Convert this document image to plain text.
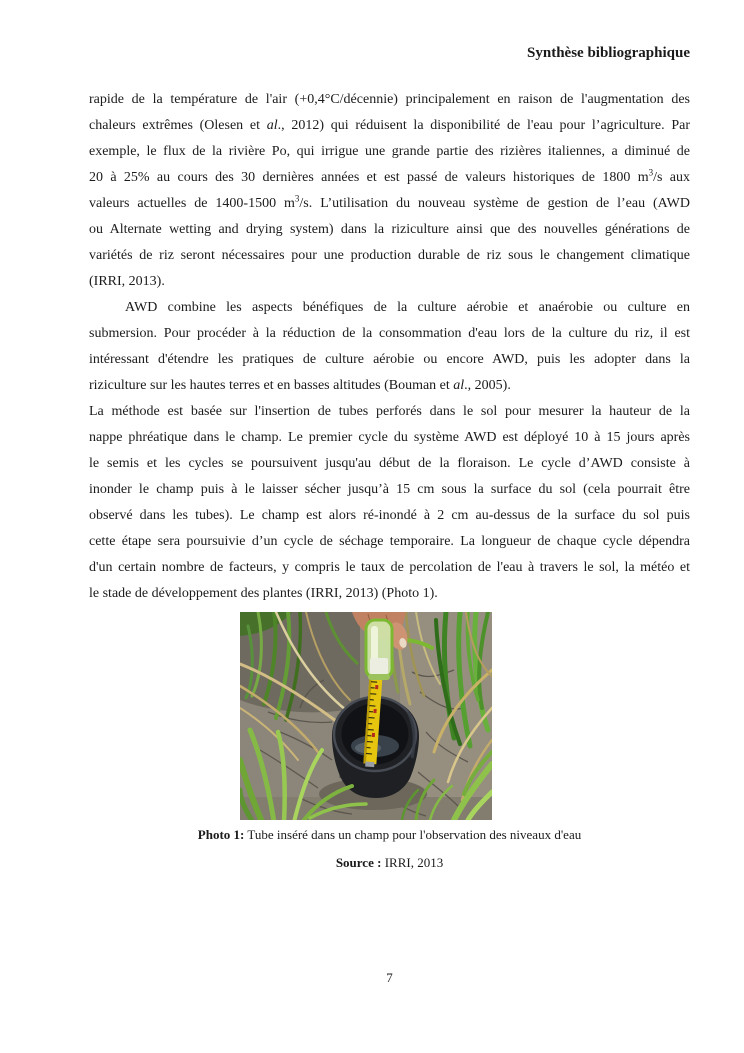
Synthèse bibliographique
rapide de la température de l'air (+0,4°C/décennie) principalement en raison de l'augmentation des
chaleurs extrêmes (Olesen et al., 2012) qui réduisent la disponibilité de l'eau pour l’agriculture. Par
exemple, le flux de la rivière Po, qui irrigue une grande partie des rizières italiennes, a diminué de
20 à 25% au cours des 30 dernières années et est passé de valeurs historiques de 1800 $m^3/s$ aux
valeurs actuelles de 1400-1500 $m^3/s$. L’utilisation du nouveau système de gestion de l’eau (AWD
ou Alternate wetting and drying system) dans la riziculture ainsi que des nouvelles générations de
variétés de riz seront nécessaires pour une production durable de riz sous le changement climatique
(IRRI, 2013).
AWD combine les aspects bénéfiques de la culture aérobie et anaérobie ou culture en
submersion. Pour procéder à la réduction de la consommation d'eau lors de la culture du riz, il est
intéressant d'étendre les pratiques de culture aérobie ou encore AWD, puis les adopter dans la
riziculture sur les hautes terres et en basses altitudes (Bouman et al., 2005).
La méthode est basée sur l'insertion de tubes perforés dans le sol pour mesurer la hauteur de la
nappe phréatique dans le champ. Le premier cycle du système AWD est déployé 10 à 15 jours après
le semis et les cycles se poursuivent jusqu'au début de la floraison. Le cycle d’AWD consiste à
inonder le champ puis à le laisser sécher jusqu’à 15 cm sous la surface du sol (cela pourrait être
observé dans les tubes). Le champ est alors ré-inondé à 2 cm au-dessus de la surface du sol puis
cette étape sera poursuivie d’un cycle de séchage temporaire. La longueur de chaque cycle dépendra
d'un certain nombre de facteurs, y compris le taux de percolation de l'eau à travers le sol, la météo et
le stade de développement des plantes (IRRI, 2013) (Photo 1).
Photo 1: Tube inséré dans un champ pour l'observation des niveaux d'eau
Source : IRRI, 2013
7
